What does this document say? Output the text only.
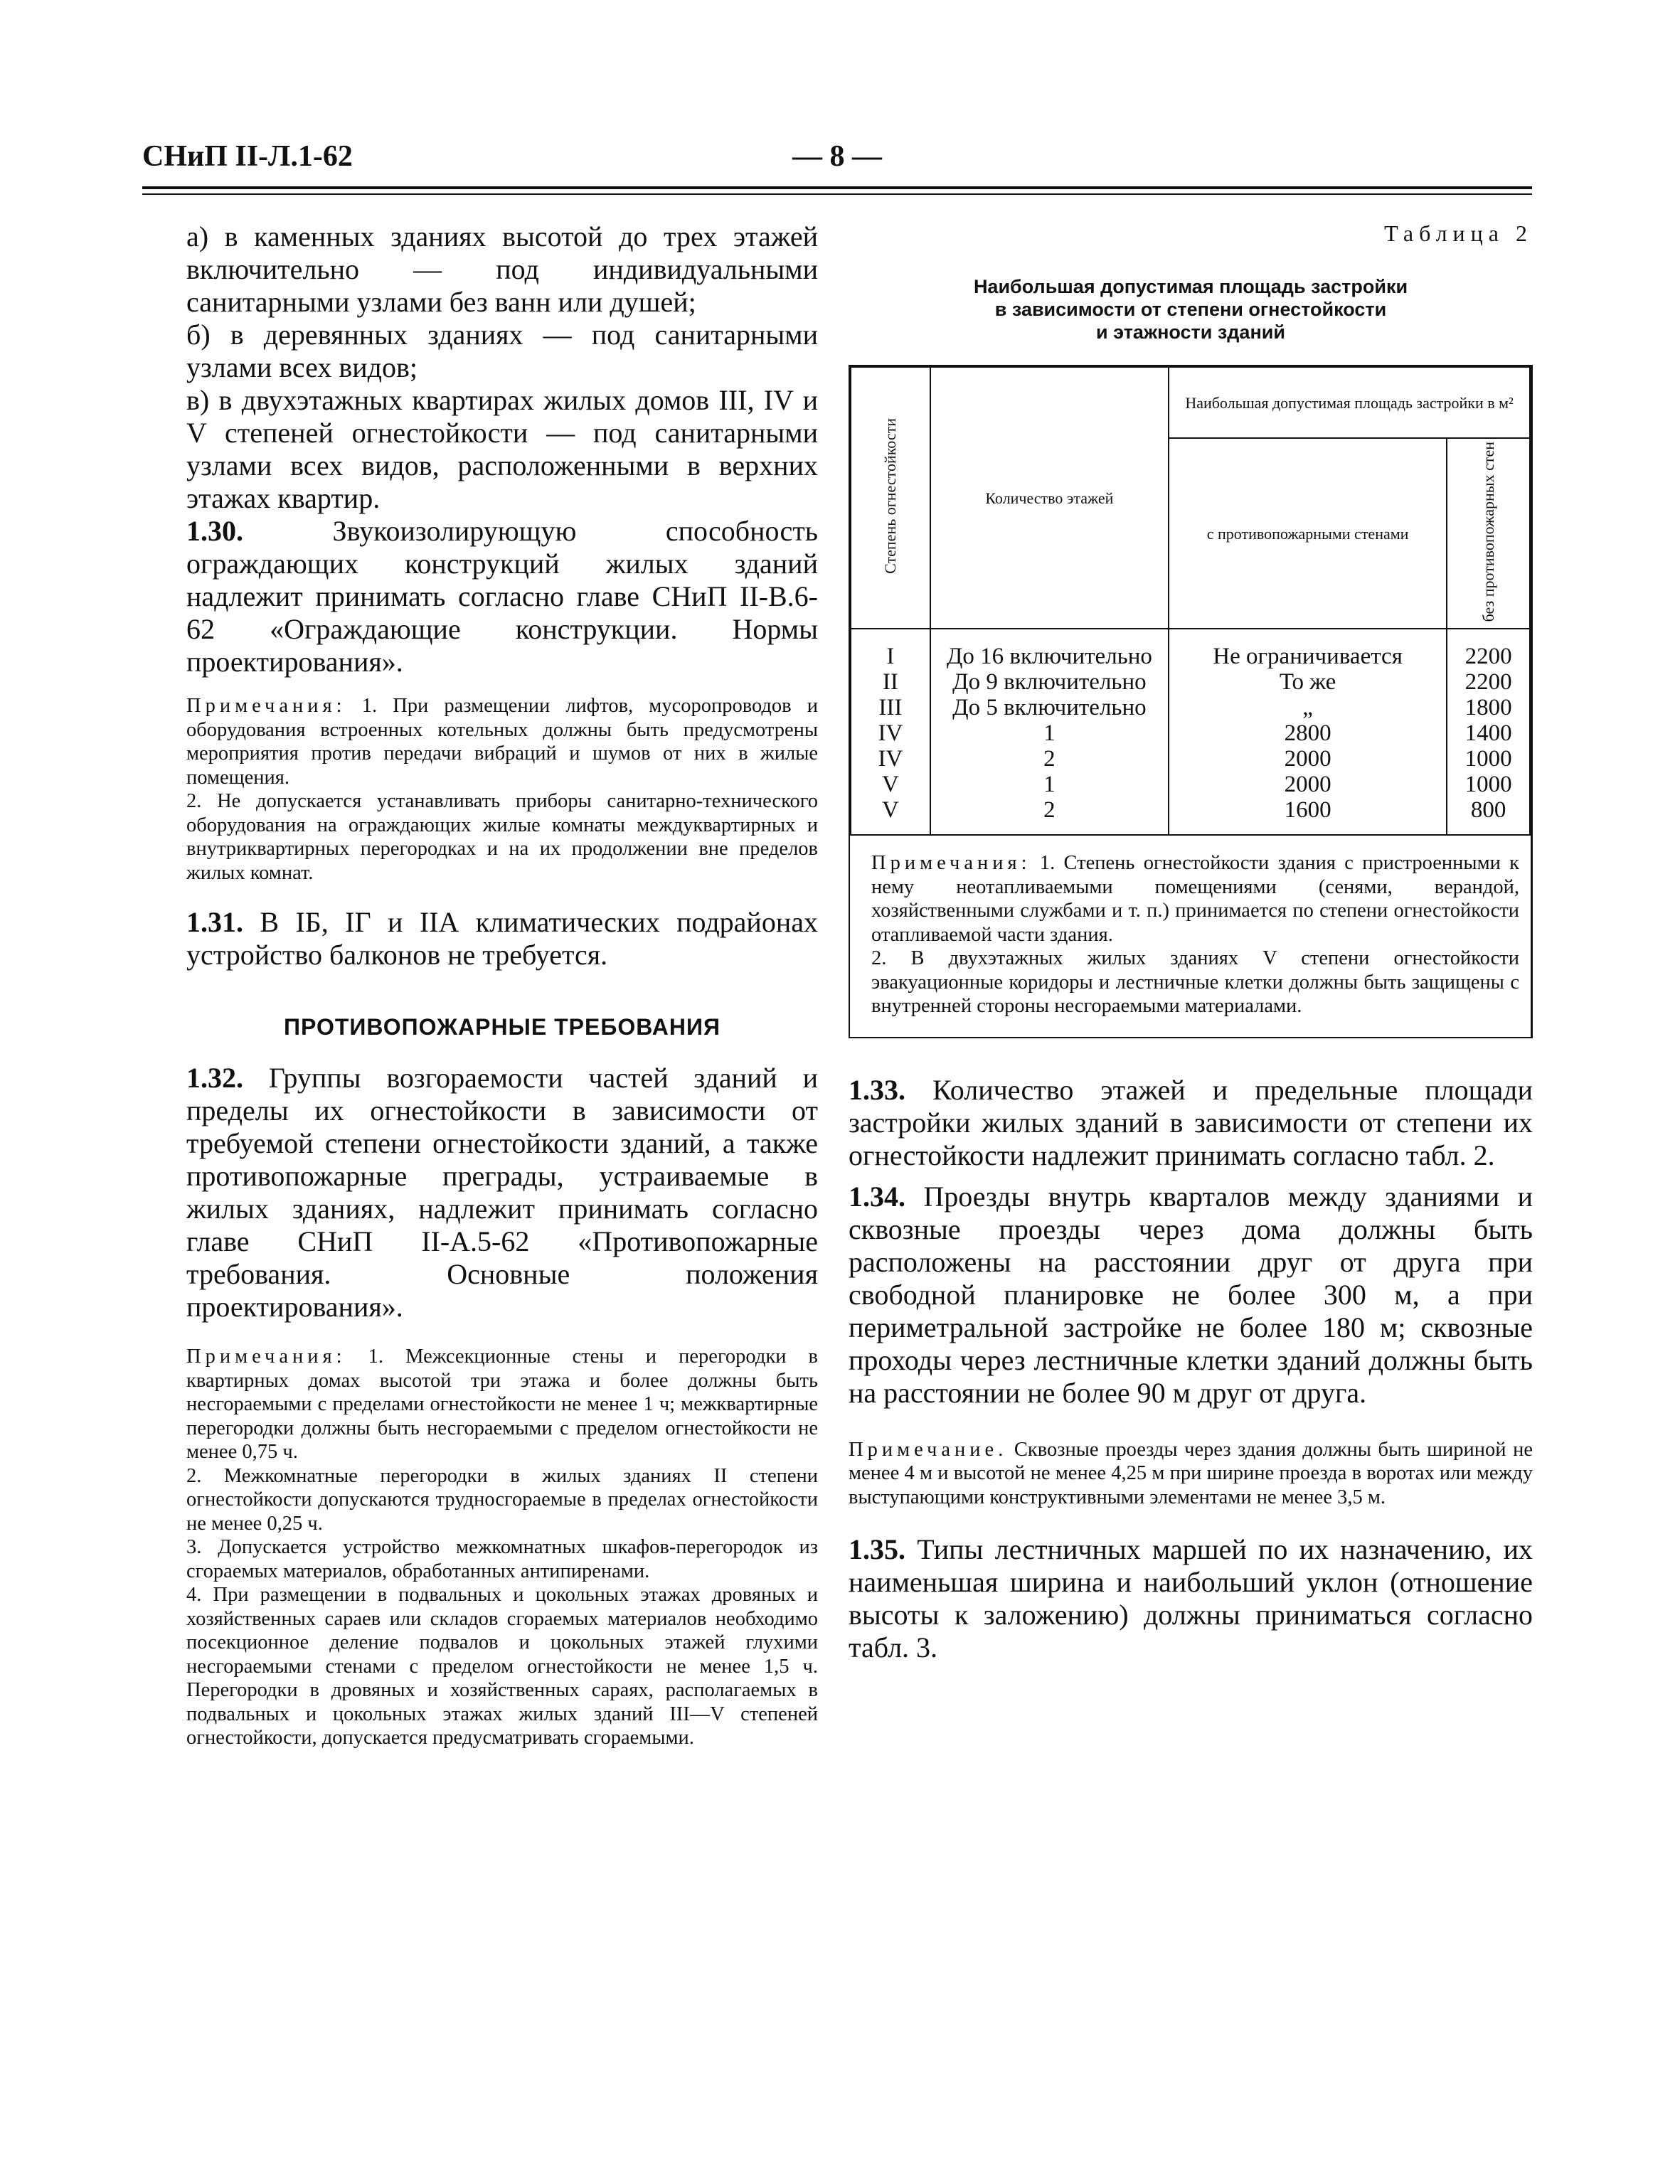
СНиП II-Л.1-62	— 8 —

а) в каменных зданиях высотой до трех этажей включительно — под индивидуальными санитарными узлами без ванн или душей;

б) в деревянных зданиях — под санитарными узлами всех видов;

в) в двухэтажных квартирах жилых домов III, IV и V степеней огнестойкости — под санитарными узлами всех видов, расположенными в верхних этажах квартир.

1.30.	Звукоизолирующую способность ограждающих конструкций жилых зданий надлежит принимать согласно главе СНиП II-В.6-62 «Ограждающие конструкции. Нормы проектирования».

Примечания: 1. При размещении лифтов, мусоропроводов и оборудования встроенных котельных должны быть предусмотрены мероприятия против передачи вибраций и шумов от них в жилые помещения.

2. Не допускается устанавливать приборы санитарно-технического оборудования на ограждающих жилые комнаты междуквартирных и внутриквартирных перегородках и на их продолжении вне пределов жилых комнат.

1.31. В IБ, IГ и IIА климатических подрайонах устройство балконов не требуется.

ПРОТИВОПОЖАРНЫЕ ТРЕБОВАНИЯ

1.32. Группы возгораемости частей зданий и пределы их огнестойкости в зависимости от требуемой степени огнестойкости зданий, а также противопожарные преграды, устраиваемые в жилых зданиях, надлежит принимать согласно главе СНиП II-А.5-62 «Противопожарные требования. Основные положения проектирования».

Примечания: 1. Межсекционные стены и перегородки в квартирных домах высотой три этажа и более должны быть несгораемыми с пределами огнестойкости не менее 1 ч; межквартирные перегородки должны быть несгораемыми с пределом огнестойкости не менее 0,75 ч.

2. Межкомнатные перегородки в жилых зданиях II степени огнестойкости допускаются трудносгораемые в пределах огнестойкости не менее 0,25 ч.

3. Допускается устройство межкомнатных шкафов-перегородок из сгораемых материалов, обработанных антипиренами.

4. При размещении в подвальных и цокольных этажах дровяных и хозяйственных сараев или складов сгораемых материалов необходимо посекционное деление подвалов и цокольных этажей глухими несгораемыми стенами с пределом огнестойкости не менее 1,5 ч. Перегородки в дровяных и хозяйственных сараях, располагаемых в подвальных и цокольных этажах жилых зданий III—V степеней огнестойкости, допускается предусматривать сгораемыми.

Таблица 2

Наибольшая допустимая площадь застройки

в зависимости от степени огнестойкости

и этажности зданий

Степень огнестойкости	Количество этажей	Наибольшая допустимая площадь застройки в м²	
		с противопожарными стенами	без противопожарных стен
I	До 16 включительно	Не ограничивается	2200
II	До 9 включительно	То же	2200
III	До 5 включительно	„	1800
IV	1	2800	1400
IV	2	2000	1000
V	1	2000	1000
V	2	1600	800

Примечания: 1. Степень огнестойкости здания с пристроенными к нему неотапливаемыми помещениями (сенями, верандой, хозяйственными службами и т. п.) принимается по степени огнестойкости отапливаемой части здания.

2. В двухэтажных жилых зданиях V степени огнестойкости эвакуационные коридоры и лестничные клетки должны быть защищены с внутренней стороны несгораемыми материалами.

1.33. Количество этажей и предельные площади застройки жилых зданий в зависимости от степени их огнестойкости надлежит принимать согласно табл. 2.

1.34. Проезды внутрь кварталов между зданиями и сквозные проезды через дома должны быть расположены на расстоянии друг от друга при свободной планировке не более 300 м, а при периметральной застройке не более 180 м; сквозные проходы через лестничные клетки зданий должны быть на расстоянии не более 90 м друг от друга.

Примечание. Сквозные проезды через здания должны быть шириной не менее 4 м и высотой не менее 4,25 м при ширине проезда в воротах или между выступающими конструктивными элементами не менее 3,5 м.

1.35. Типы лестничных маршей по их назначению, их наименьшая ширина и наибольший уклон (отношение высоты к заложению) должны приниматься согласно табл. 3.
